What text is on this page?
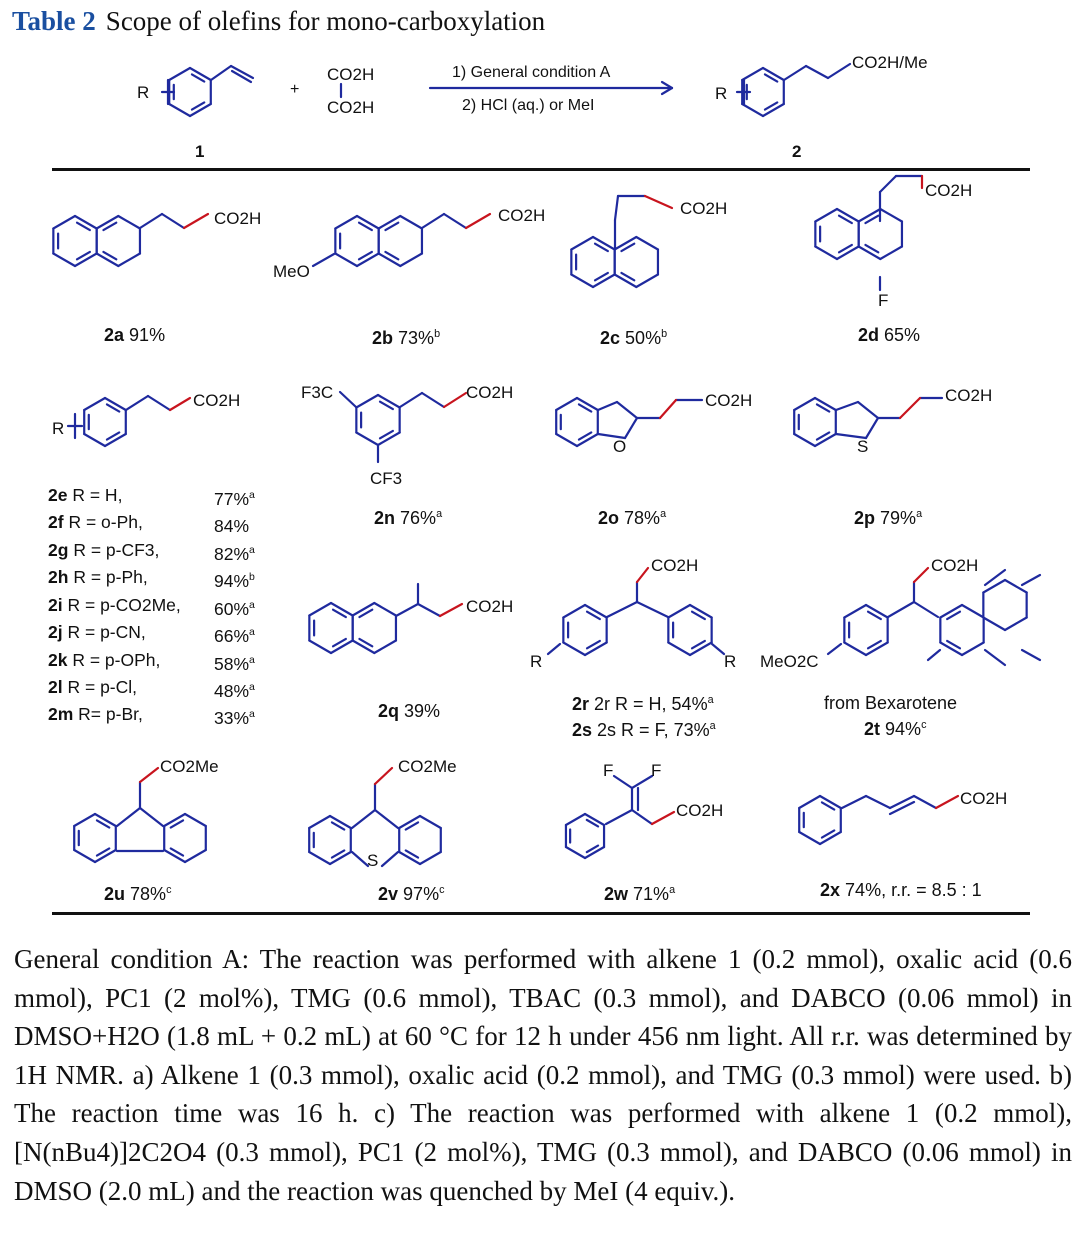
Table 2 Scope of olefins for mono-carboxylation
R	+
CO2H
CO2H
1) General condition A
2) HCl (aq.) or MeI
R
CO2H/Me
1	2
CO2H	CO2H
MeO
CO2H
CO2H
F
CO2H
R
F3C
CF3
CO2H
O
CO2H
S
CO2H
CO2H
CO2H
R	R
CO2H
MeO2C
CO2Me	CO2Me
S
F F
CO2H
CO2H
2a 91%	2b 73%$^b$	2c 50%$^b$	2d 65%
2n 76%$^a$	2o 78%$^a$	2p 79%$^a$
2q 39%	2r 2r R = H, 54%$^a$
2s 2s R = F, 73%$^a$
from Bexarotene
2t 94%$^c$
2u 78%$^c$	2v 97%$^c$	2w 71%$^a$	2x 74%, r.r. = 8.5 : 1
2e R = H,	77%$^a$
2f R = o-Ph,	84%
2g R = p-CF3,	82%$^a$
2h R = p-Ph,	94%$^b$
2i R = p-CO2Me,	60%$^a$
2j R = p-CN,	66%$^a$
2k R = p-OPh,	58%$^a$
2l R = p-Cl,	48%$^a$
2m R= p-Br,	33%$^a$

General condition A: The reaction was performed with alkene 1 (0.2 mmol), oxalic acid (0.6 mmol), PC1 (2 mol%), TMG (0.6 mmol), TBAC (0.3 mmol), and DABCO (0.06 mmol) in DMSO+H2O (1.8 mL + 0.2 mL) at 60 °C for 12 h under 456 nm light. All r.r. was determined by 1H NMR. a) Alkene 1 (0.3 mmol), oxalic acid (0.2 mmol), and TMG (0.3 mmol) were used. b) The reaction time was 16 h. c) The reaction was performed with alkene 1 (0.2 mmol), [N(nBu4)]2C2O4 (0.3 mmol), PC1 (2 mol%), TMG (0.3 mmol), and DABCO (0.06 mmol) in DMSO (2.0 mL) and the reaction was quenched by MeI (4 equiv.).
